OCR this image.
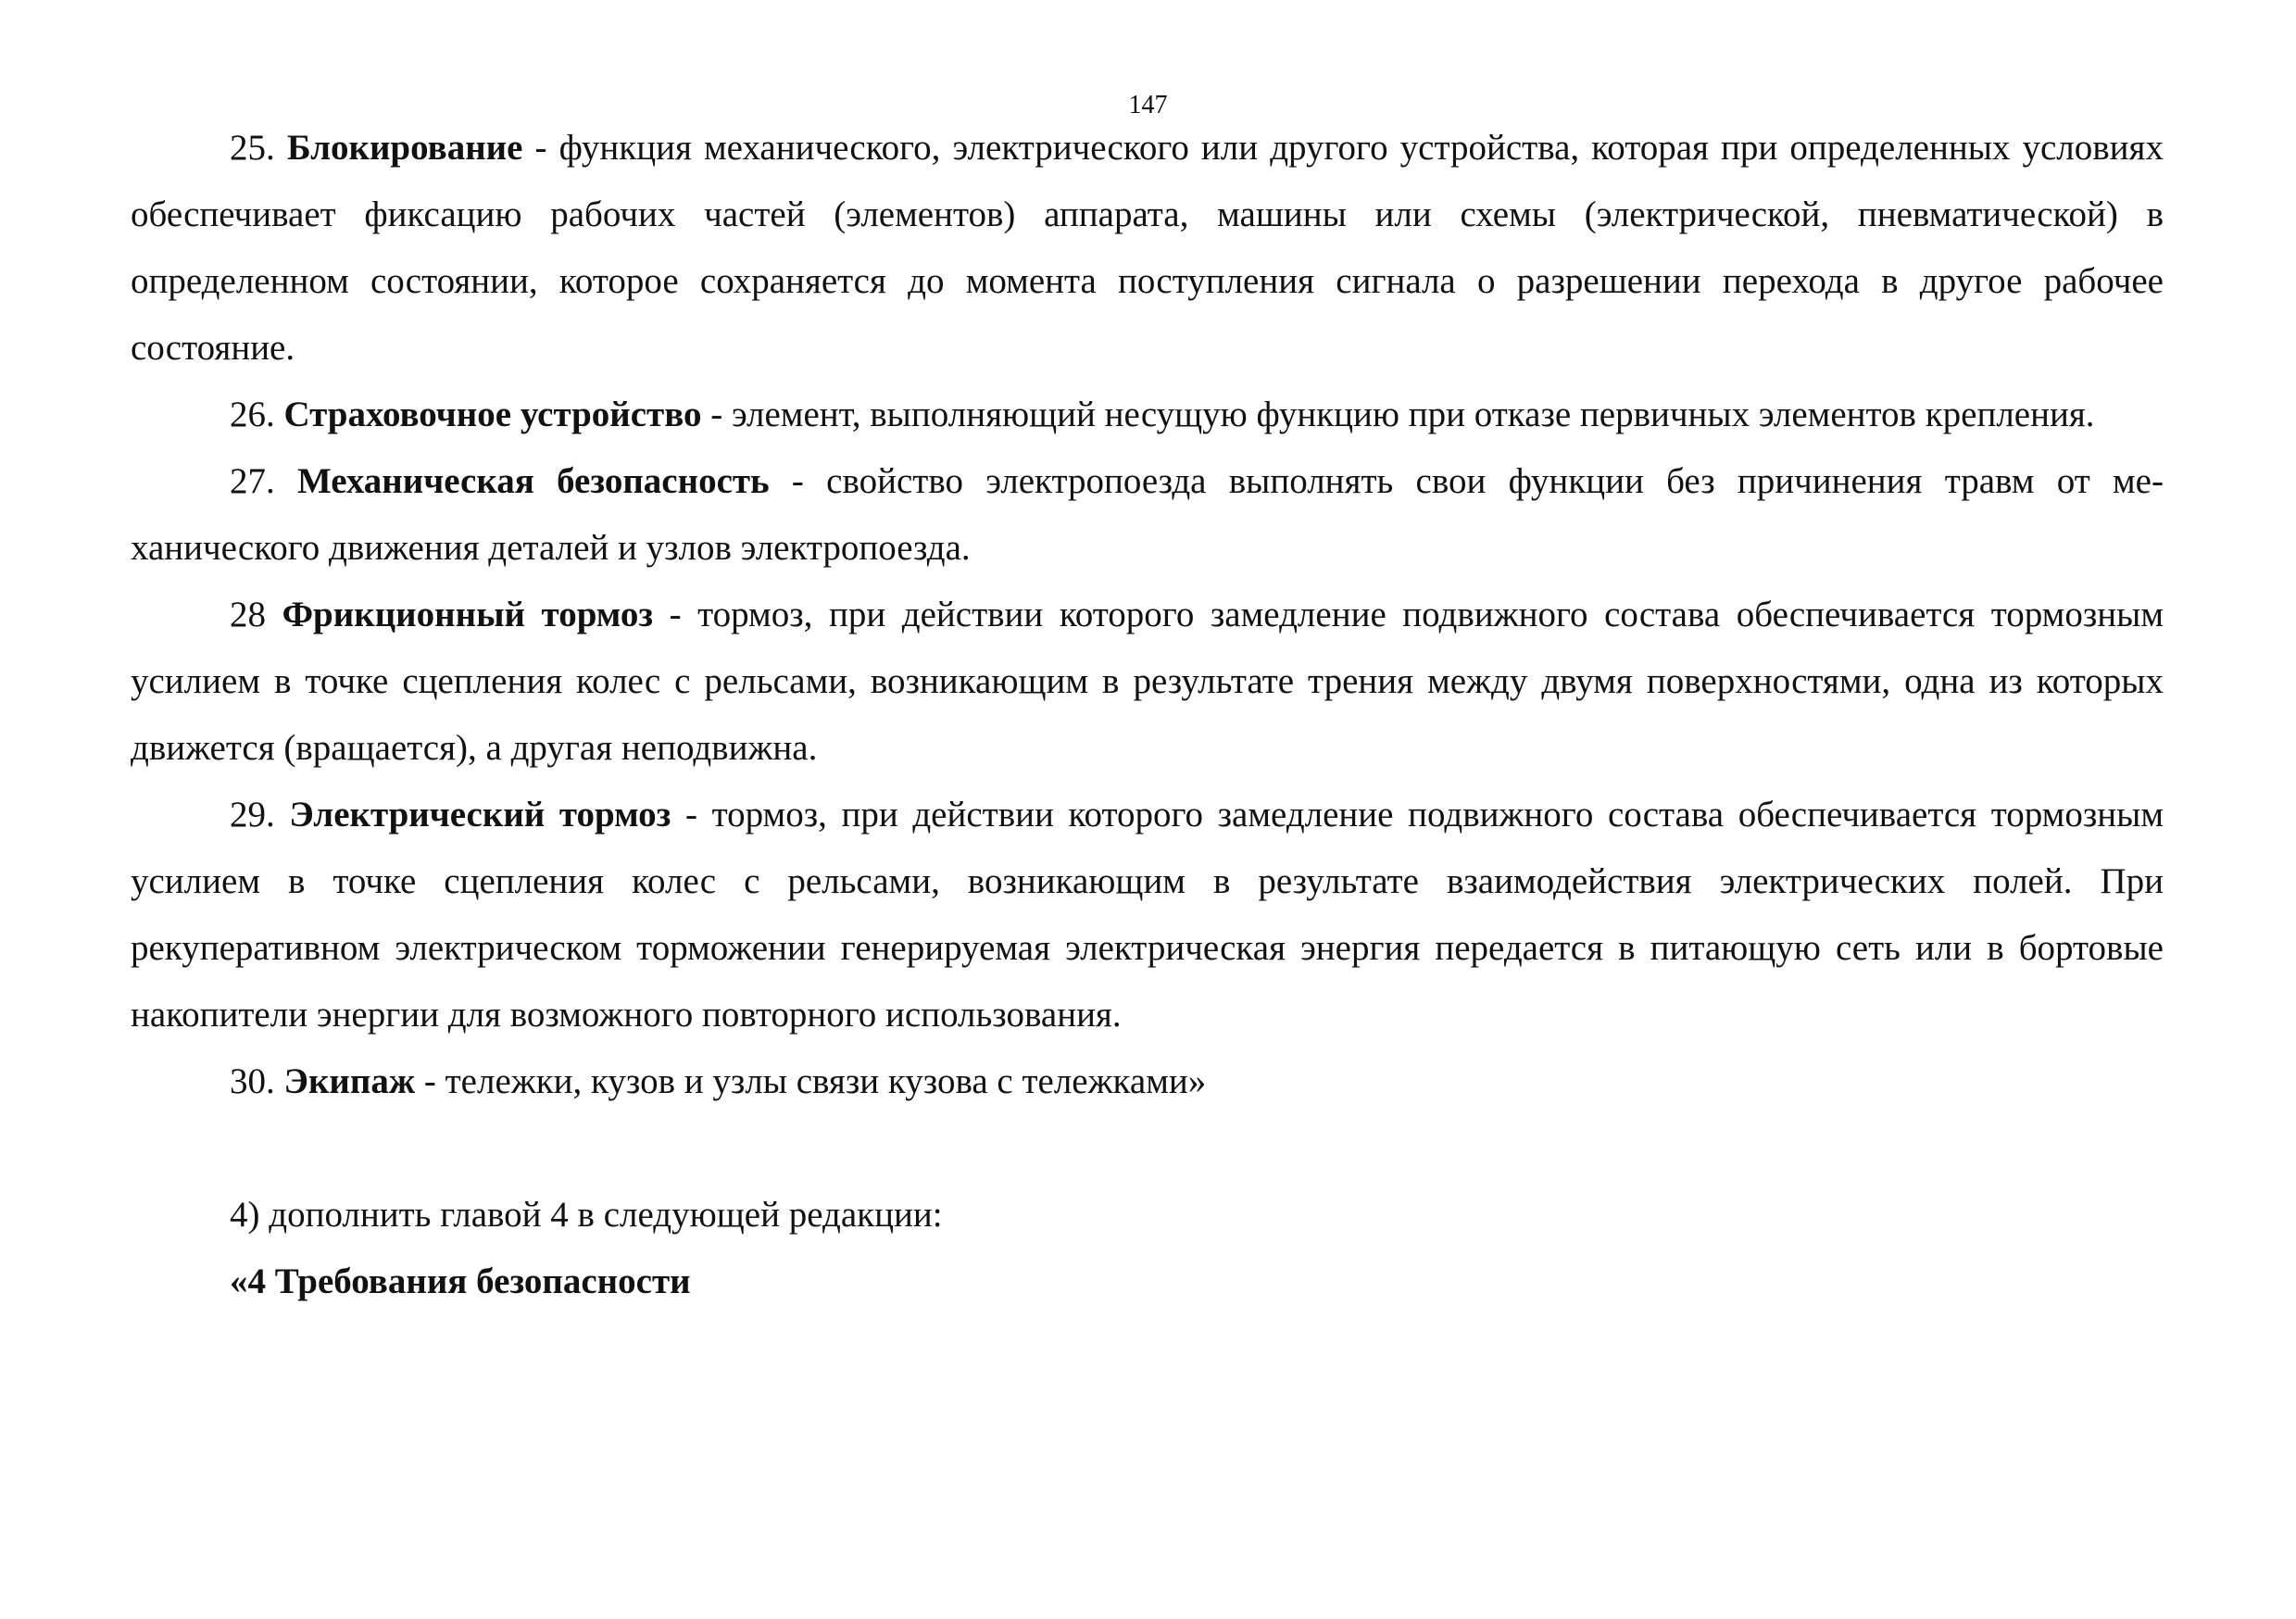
147

25. Блокирование - функция механического, электрического или другого устройства, которая при определенных условиях обеспечивает фиксацию рабочих частей (элементов) аппарата, машины или схемы (электрической, пневматической) в определенном состоянии, которое сохраняется до момента поступления сигнала о разрешении перехода в другое рабочее состояние.

26. Страховочное устройство - элемент, выполняющий несущую функцию при отказе первичных элементов крепления.

27. Механическая безопасность - свойство электропоезда выполнять свои функции без причинения травм от механического движения деталей и узлов электропоезда.

28 Фрикционный тормоз - тормоз, при действии которого замедление подвижного состава обеспечивается тормозным усилием в точке сцепления колес с рельсами, возникающим в результате трения между двумя поверхностями, одна из которых движется (вращается), а другая неподвижна.

29. Электрический тормоз - тормоз, при действии которого замедление подвижного состава обеспечивается тормозным усилием в точке сцепления колес с рельсами, возникающим в результате взаимодействия электрических полей. При рекуперативном электрическом торможении генерируемая электрическая энергия передается в питающую сеть или в бортовые накопители энергии для возможного повторного использования.

30. Экипаж - тележки, кузов и узлы связи кузова с тележками»

4) дополнить главой 4 в следующей редакции:

«4 Требования безопасности
